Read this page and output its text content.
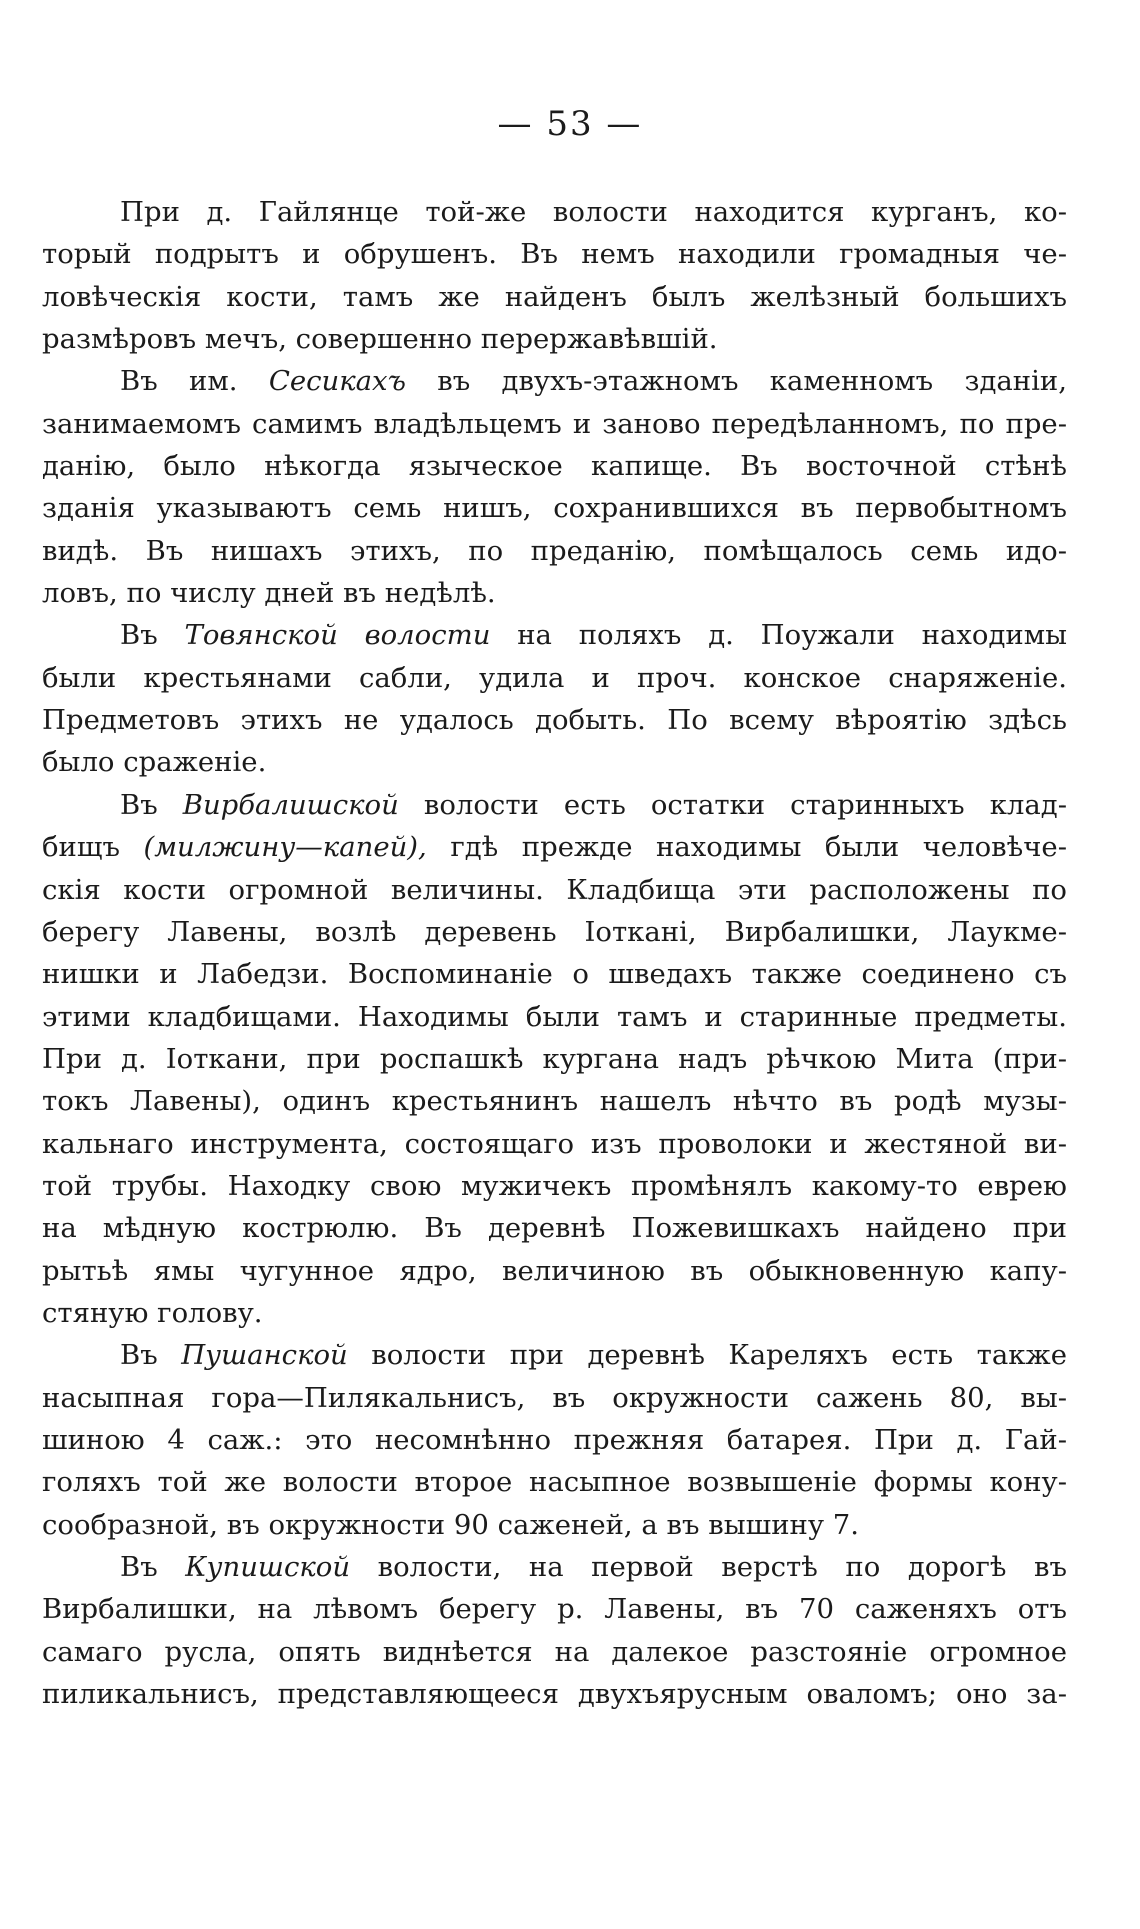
— 53 —
При д. Гайлянце той-же волости находится курганъ, ко-
торый подрытъ и обрушенъ. Въ немъ находили громадныя че-
ловѣческія кости, тамъ же найденъ былъ желѣзный большихъ
размѣровъ мечъ, совершенно перержавѣвшій.
Въ им. Сесикахъ въ двухъ-этажномъ каменномъ зданіи,
занимаемомъ самимъ владѣльцемъ и заново передѣланномъ, по пре-
данію, было нѣкогда языческое капище. Въ восточной стѣнѣ
зданія указываютъ семь нишъ, сохранившихся въ первобытномъ
видѣ. Въ нишахъ этихъ, по преданію, помѣщалось семь идо-
ловъ, по числу дней въ недѣлѣ.
Въ Товянской волости на поляхъ д. Поужали находимы
были крестьянами сабли, удила и проч. конское снаряженіе.
Предметовъ этихъ не удалось добыть. По всему вѣроятію здѣсь
было сраженіе.
Въ Вирбалишской волости есть остатки старинныхъ клад-
бищъ (милжину—капей), гдѣ прежде находимы были человѣче-
скія кости огромной величины. Кладбища эти расположены по
берегу Лавены, возлѣ деревень Іоткані, Вирбалишки, Лаукме-
нишки и Лабедзи. Воспоминаніе о шведахъ также соединено съ
этими кладбищами. Находимы были тамъ и старинные предметы.
При д. Іоткани, при роспашкѣ кургана надъ рѣчкою Мита (при-
токъ Лавены), одинъ крестьянинъ нашелъ нѣчто въ родѣ музы-
кальнаго инструмента, состоящаго изъ проволоки и жестяной ви-
той трубы. Находку свою мужичекъ промѣнялъ какому-то еврею
на мѣдную кострюлю. Въ деревнѣ Пожевишкахъ найдено при
рытьѣ ямы чугунное ядро, величиною въ обыкновенную капу-
стяную голову.
Въ Пушанской волости при деревнѣ Кареляхъ есть также
насыпная гора—Пилякальнисъ, въ окружности сажень 80, вы-
шиною 4 саж.: это несомнѣнно прежняя батарея. При д. Гай-
голяхъ той же волости второе насыпное возвышеніе формы кону-
сообразной, въ окружности 90 саженей, а въ вышину 7.
Въ Купишской волости, на первой верстѣ по дорогѣ въ
Вирбалишки, на лѣвомъ берегу р. Лавены, въ 70 саженяхъ отъ
самаго русла, опять виднѣется на далекое разстояніе огромное
пиликальнисъ, представляющееся двухъярусным оваломъ; оно за-
